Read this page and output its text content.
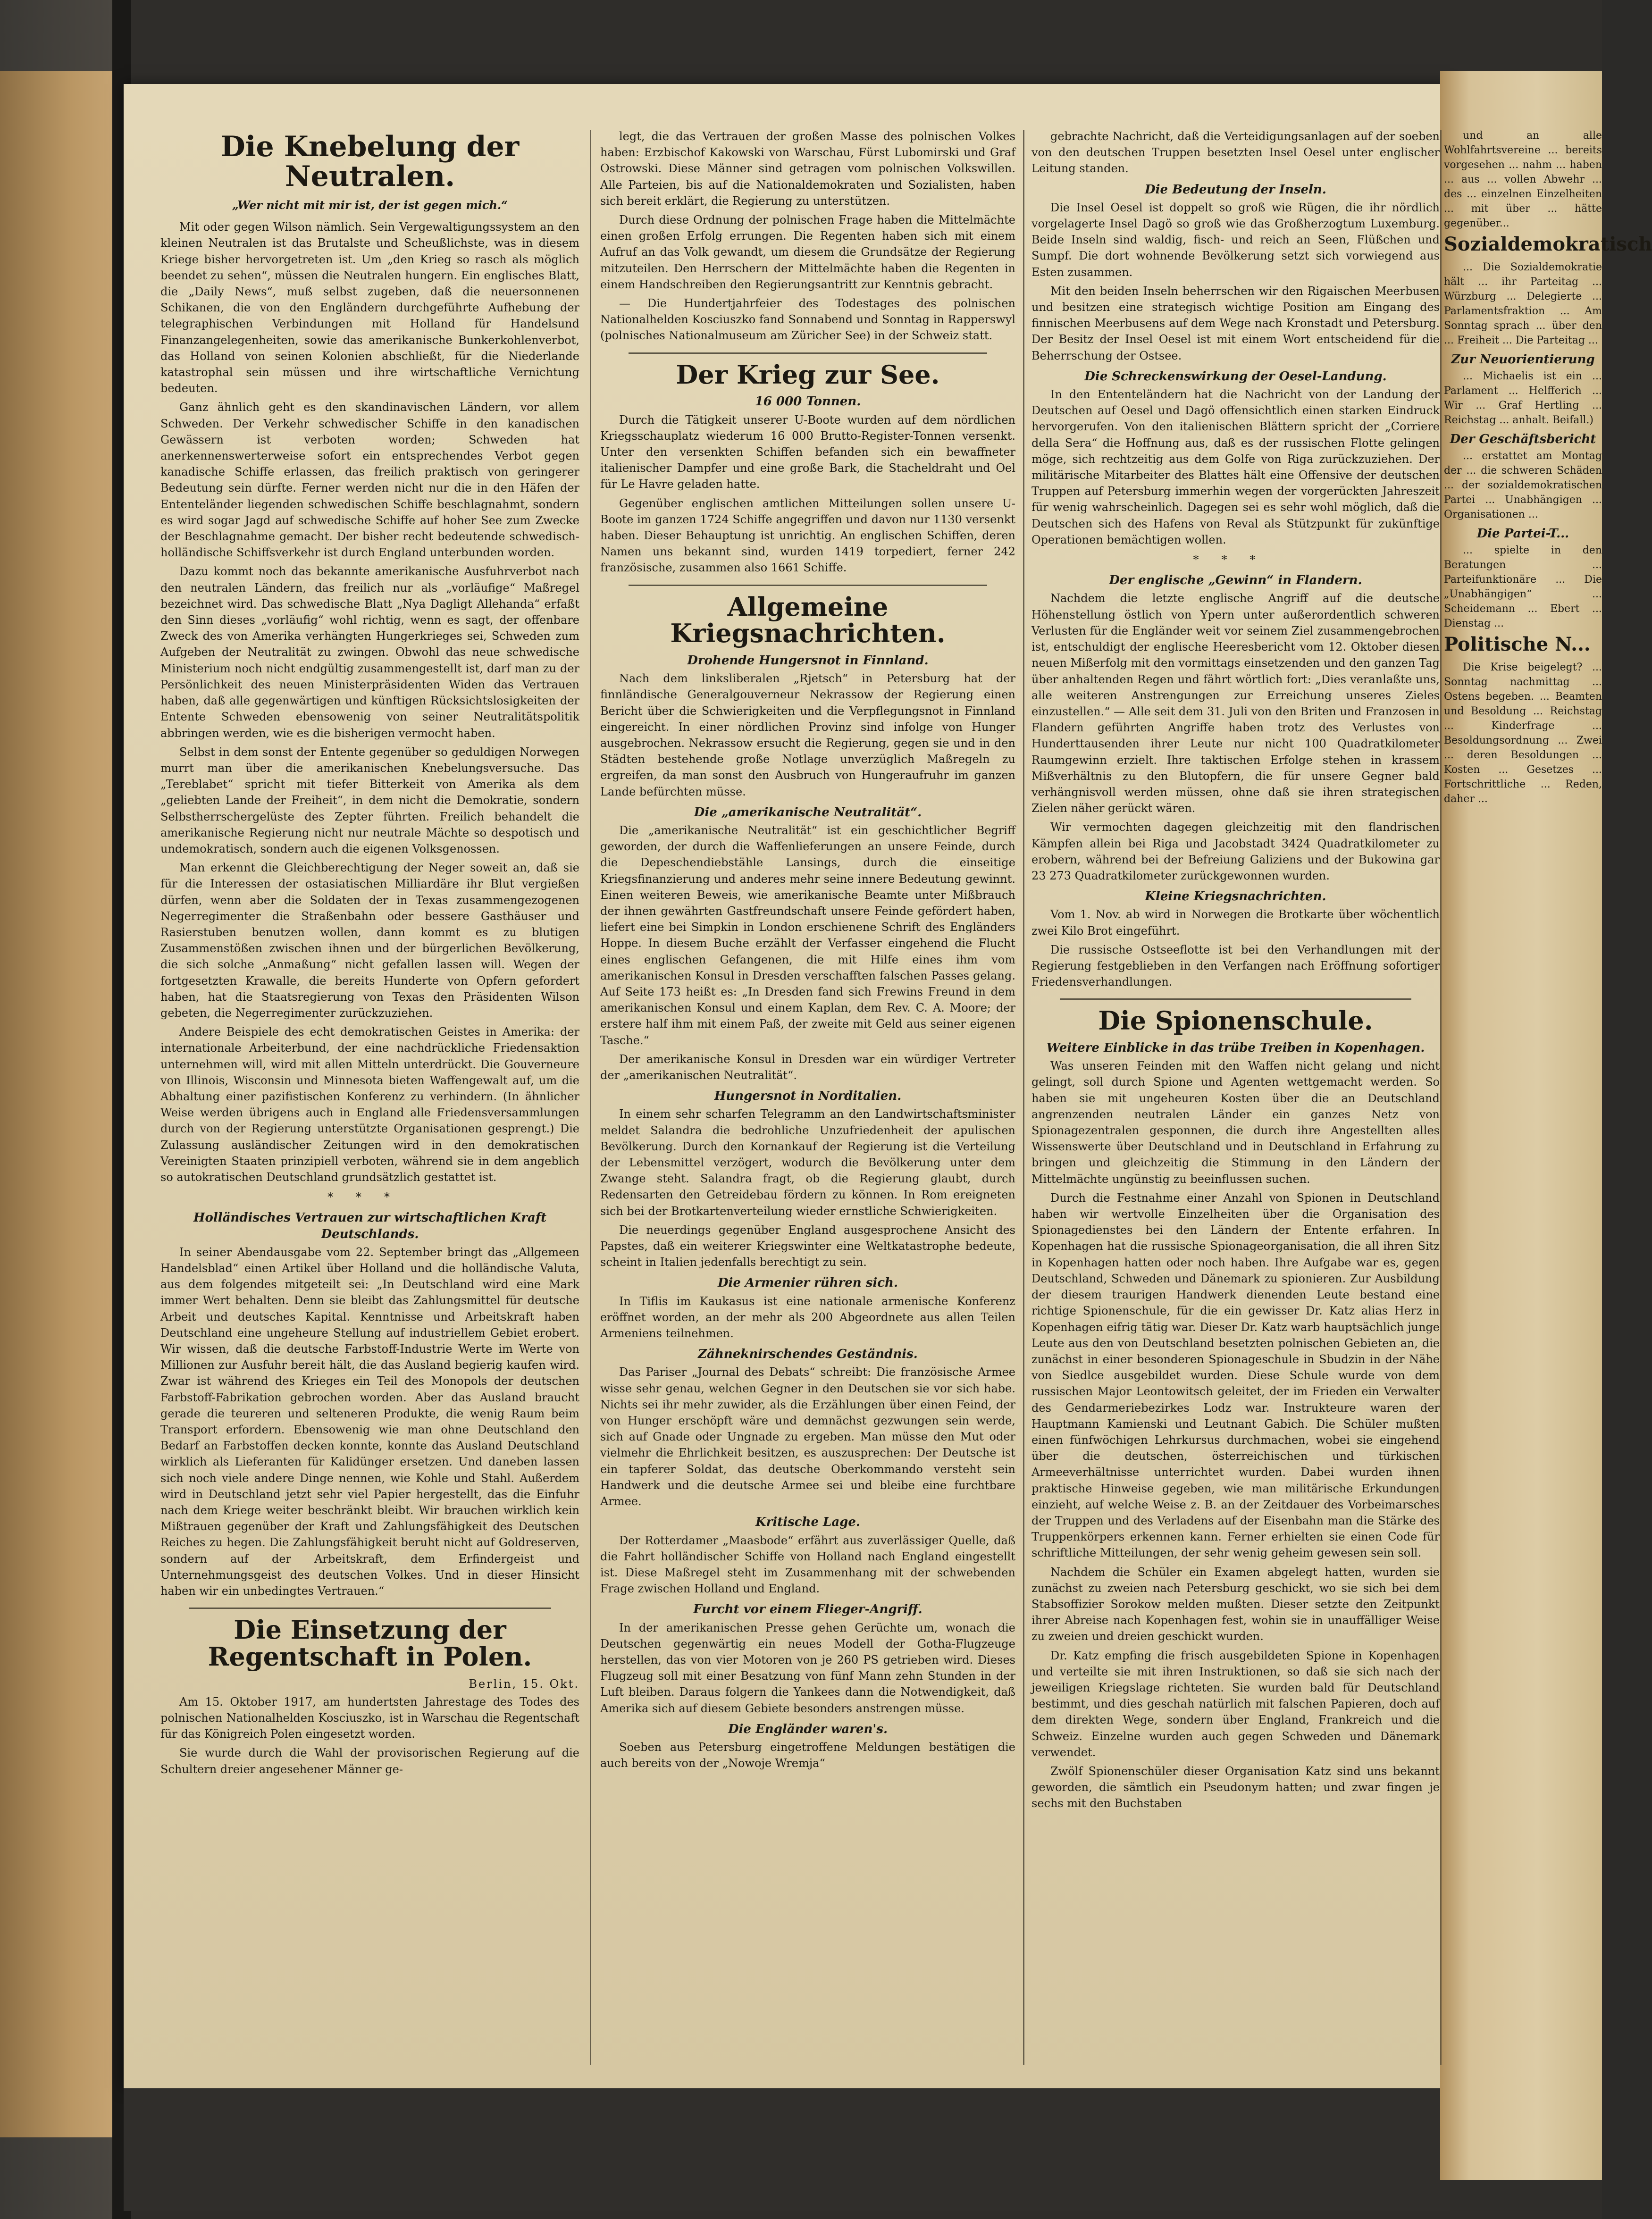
Die Knebelung der Neutralen.
„Wer nicht mit mir ist, der ist gegen mich.“

Mit oder gegen Wilson nämlich. Sein Vergewaltigungssystem an den kleinen Neutralen ist das Brutalste und Scheußlichste, was in diesem Kriege bisher hervorgetreten ist. Um „den Krieg so rasch als möglich beendet zu sehen“, müssen die Neutralen hungern. Ein englisches Blatt, die „Daily News“, muß selbst zugeben, daß die neuersonnenen Schikanen, die von den Engländern durchgeführte Aufhebung der telegraphischen Verbindungen mit Holland für Handelsund Finanzangelegenheiten, sowie das amerikanische Bunkerkohlenverbot, das Holland von seinen Kolonien abschließt, für die Niederlande katastrophal sein müssen und ihre wirtschaftliche Vernichtung bedeuten.

Ganz ähnlich geht es den skandinavischen Ländern, vor allem Schweden. Der Verkehr schwedischer Schiffe in den kanadischen Gewässern ist verboten worden; Schweden hat anerkennenswerterweise sofort ein entsprechendes Verbot gegen kanadische Schiffe erlassen, das freilich praktisch von geringerer Bedeutung sein dürfte. Ferner werden nicht nur die in den Häfen der Ententeländer liegenden schwedischen Schiffe beschlagnahmt, sondern es wird sogar Jagd auf schwedische Schiffe auf hoher See zum Zwecke der Beschlagnahme gemacht. Der bisher recht bedeutende schwedisch-holländische Schiffsverkehr ist durch England unterbunden worden.

Dazu kommt noch das bekannte amerikanische Ausfuhrverbot nach den neutralen Ländern, das freilich nur als „vorläufige“ Maßregel bezeichnet wird. Das schwedische Blatt „Nya Dagligt Allehanda“ erfaßt den Sinn dieses „vorläufig“ wohl richtig, wenn es sagt, der offenbare Zweck des von Amerika verhängten Hungerkrieges sei, Schweden zum Aufgeben der Neutralität zu zwingen. Obwohl das neue schwedische Ministerium noch nicht endgültig zusammengestellt ist, darf man zu der Persönlichkeit des neuen Ministerpräsidenten Widen das Vertrauen haben, daß alle gegenwärtigen und künftigen Rücksichtslosigkeiten der Entente Schweden ebensowenig von seiner Neutralitätspolitik abbringen werden, wie es die bisherigen vermocht haben.

Selbst in dem sonst der Entente gegenüber so geduldigen Norwegen murrt man über die amerikanischen Knebelungsversuche. Das „Tereblabet“ spricht mit tiefer Bitterkeit von Amerika als dem „geliebten Lande der Freiheit“, in dem nicht die Demokratie, sondern Selbstherrschergelüste des Zepter führten. Freilich behandelt die amerikanische Regierung nicht nur neutrale Mächte so despotisch und undemokratisch, sondern auch die eigenen Volksgenossen.

Man erkennt die Gleichberechtigung der Neger soweit an, daß sie für die Interessen der ostasiatischen Milliardäre ihr Blut vergießen dürfen, wenn aber die Soldaten der in Texas zusammengezogenen Negerregimenter die Straßenbahn oder bessere Gasthäuser und Rasierstuben benutzen wollen, dann kommt es zu blutigen Zusammenstößen zwischen ihnen und der bürgerlichen Bevölkerung, die sich solche „Anmaßung“ nicht gefallen lassen will. Wegen der fortgesetzten Krawalle, die bereits Hunderte von Opfern gefordert haben, hat die Staatsregierung von Texas den Präsidenten Wilson gebeten, die Negerregimenter zurückzuziehen.

Andere Beispiele des echt demokratischen Geistes in Amerika: der internationale Arbeiterbund, der eine nachdrückliche Friedensaktion unternehmen will, wird mit allen Mitteln unterdrückt. Die Gouverneure von Illinois, Wisconsin und Minnesota bieten Waffengewalt auf, um die Abhaltung einer pazifistischen Konferenz zu verhindern. (In ähnlicher Weise werden übrigens auch in England alle Friedensversammlungen durch von der Regierung unterstützte Organisationen gesprengt.) Die Zulassung ausländischer Zeitungen wird in den demokratischen Vereinigten Staaten prinzipiell verboten, während sie in dem angeblich so autokratischen Deutschland grundsätzlich gestattet ist.

***
Holländisches Vertrauen zur wirtschaftlichen Kraft Deutschlands.

In seiner Abendausgabe vom 22. September bringt das „Allgemeen Handelsblad“ einen Artikel über Holland und die holländische Valuta, aus dem folgendes mitgeteilt sei: „In Deutschland wird eine Mark immer Wert behalten. Denn sie bleibt das Zahlungsmittel für deutsche Arbeit und deutsches Kapital. Kenntnisse und Arbeitskraft haben Deutschland eine ungeheure Stellung auf industriellem Gebiet erobert. Wir wissen, daß die deutsche Farbstoff-Industrie Werte im Werte von Millionen zur Ausfuhr bereit hält, die das Ausland begierig kaufen wird. Zwar ist während des Krieges ein Teil des Monopols der deutschen Farbstoff-Fabrikation gebrochen worden. Aber das Ausland braucht gerade die teureren und selteneren Produkte, die wenig Raum beim Transport erfordern. Ebensowenig wie man ohne Deutschland den Bedarf an Farbstoffen decken konnte, konnte das Ausland Deutschland wirklich als Lieferanten für Kalidünger ersetzen. Und daneben lassen sich noch viele andere Dinge nennen, wie Kohle und Stahl. Außerdem wird in Deutschland jetzt sehr viel Papier hergestellt, das die Einfuhr nach dem Kriege weiter beschränkt bleibt. Wir brauchen wirklich kein Mißtrauen gegenüber der Kraft und Zahlungsfähigkeit des Deutschen Reiches zu hegen. Die Zahlungsfähigkeit beruht nicht auf Goldreserven, sondern auf der Arbeitskraft, dem Erfindergeist und Unternehmungsgeist des deutschen Volkes. Und in dieser Hinsicht haben wir ein unbedingtes Vertrauen.“

Die Einsetzung der Regentschaft in Polen.
Berlin, 15. Okt.

Am 15. Oktober 1917, am hundertsten Jahrestage des Todes des polnischen Nationalhelden Kosciuszko, ist in Warschau die Regentschaft für das Königreich Polen eingesetzt worden.

Sie wurde durch die Wahl der provisorischen Regierung auf die Schultern dreier angesehener Männer ge-

legt, die das Vertrauen der großen Masse des polnischen Volkes haben: Erzbischof Kakowski von Warschau, Fürst Lubomirski und Graf Ostrowski. Diese Männer sind getragen vom polnischen Volkswillen. Alle Parteien, bis auf die Nationaldemokraten und Sozialisten, haben sich bereit erklärt, die Regierung zu unterstützen.

Durch diese Ordnung der polnischen Frage haben die Mittelmächte einen großen Erfolg errungen. Die Regenten haben sich mit einem Aufruf an das Volk gewandt, um diesem die Grundsätze der Regierung mitzuteilen. Den Herrschern der Mittelmächte haben die Regenten in einem Handschreiben den Regierungsantritt zur Kenntnis gebracht.

— Die Hundertjahrfeier des Todestages des polnischen Nationalhelden Kosciuszko fand Sonnabend und Sonntag in Rapperswyl (polnisches Nationalmuseum am Züricher See) in der Schweiz statt.

Der Krieg zur See.
16 000 Tonnen.

Durch die Tätigkeit unserer U-Boote wurden auf dem nördlichen Kriegsschauplatz wiederum 16 000 Brutto-Register-Tonnen versenkt. Unter den versenkten Schiffen befanden sich ein bewaffneter italienischer Dampfer und eine große Bark, die Stacheldraht und Oel für Le Havre geladen hatte.

Gegenüber englischen amtlichen Mitteilungen sollen unsere U-Boote im ganzen 1724 Schiffe angegriffen und davon nur 1130 versenkt haben. Dieser Behauptung ist unrichtig. An englischen Schiffen, deren Namen uns bekannt sind, wurden 1419 torpediert, ferner 242 französische, zusammen also 1661 Schiffe.

Allgemeine Kriegsnachrichten.
Drohende Hungersnot in Finnland.

Nach dem linksliberalen „Rjetsch“ in Petersburg hat der finnländische Generalgouverneur Nekrassow der Regierung einen Bericht über die Schwierigkeiten und die Verpflegungsnot in Finnland eingereicht. In einer nördlichen Provinz sind infolge von Hunger ausgebrochen. Nekrassow ersucht die Regierung, gegen sie und in den Städten bestehende große Notlage unverzüglich Maßregeln zu ergreifen, da man sonst den Ausbruch von Hungeraufruhr im ganzen Lande befürchten müsse.

Die „amerikanische Neutralität“.

Die „amerikanische Neutralität“ ist ein geschichtlicher Begriff geworden, der durch die Waffenlieferungen an unsere Feinde, durch die Depeschendiebstähle Lansings, durch die einseitige Kriegsfinanzierung und anderes mehr seine innere Bedeutung gewinnt. Einen weiteren Beweis, wie amerikanische Beamte unter Mißbrauch der ihnen gewährten Gastfreundschaft unsere Feinde gefördert haben, liefert eine bei Simpkin in London erschienene Schrift des Engländers Hoppe. In diesem Buche erzählt der Verfasser eingehend die Flucht eines englischen Gefangenen, die mit Hilfe eines ihm vom amerikanischen Konsul in Dresden verschafften falschen Passes gelang. Auf Seite 173 heißt es: „In Dresden fand sich Frewins Freund in dem amerikanischen Konsul und einem Kaplan, dem Rev. C. A. Moore; der erstere half ihm mit einem Paß, der zweite mit Geld aus seiner eigenen Tasche.“

Der amerikanische Konsul in Dresden war ein würdiger Vertreter der „amerikanischen Neutralität“.

Hungersnot in Norditalien.

In einem sehr scharfen Telegramm an den Landwirtschaftsminister meldet Salandra die bedrohliche Unzufriedenheit der apulischen Bevölkerung. Durch den Kornankauf der Regierung ist die Verteilung der Lebensmittel verzögert, wodurch die Bevölkerung unter dem Zwange steht. Salandra fragt, ob die Regierung glaubt, durch Redensarten den Getreidebau fördern zu können. In Rom ereigneten sich bei der Brotkartenverteilung wieder ernstliche Schwierigkeiten.

Die neuerdings gegenüber England ausgesprochene Ansicht des Papstes, daß ein weiterer Kriegswinter eine Weltkatastrophe bedeute, scheint in Italien jedenfalls berechtigt zu sein.

Die Armenier rühren sich.

In Tiflis im Kaukasus ist eine nationale armenische Konferenz eröffnet worden, an der mehr als 200 Abgeordnete aus allen Teilen Armeniens teilnehmen.

Zähneknirschendes Geständnis.

Das Pariser „Journal des Debats“ schreibt: Die französische Armee wisse sehr genau, welchen Gegner in den Deutschen sie vor sich habe. Nichts sei ihr mehr zuwider, als die Erzählungen über einen Feind, der von Hunger erschöpft wäre und demnächst gezwungen sein werde, sich auf Gnade oder Ungnade zu ergeben. Man müsse den Mut oder vielmehr die Ehrlichkeit besitzen, es auszusprechen: Der Deutsche ist ein tapferer Soldat, das deutsche Oberkommando versteht sein Handwerk und die deutsche Armee sei und bleibe eine furchtbare Armee.

Kritische Lage.

Der Rotterdamer „Maasbode“ erfährt aus zuverlässiger Quelle, daß die Fahrt holländischer Schiffe von Holland nach England eingestellt ist. Diese Maßregel steht im Zusammenhang mit der schwebenden Frage zwischen Holland und England.

Furcht vor einem Flieger-Angriff.

In der amerikanischen Presse gehen Gerüchte um, wonach die Deutschen gegenwärtig ein neues Modell der Gotha-Flugzeuge herstellen, das von vier Motoren von je 260 PS getrieben wird. Dieses Flugzeug soll mit einer Besatzung von fünf Mann zehn Stunden in der Luft bleiben. Daraus folgern die Yankees dann die Notwendigkeit, daß Amerika sich auf diesem Gebiete besonders anstrengen müsse.

Die Engländer waren's.

Soeben aus Petersburg eingetroffene Meldungen bestätigen die auch bereits von der „Nowoje Wremja“

gebrachte Nachricht, daß die Verteidigungsanlagen auf der soeben von den deutschen Truppen besetzten Insel Oesel unter englischer Leitung standen.

Die Bedeutung der Inseln.

Die Insel Oesel ist doppelt so groß wie Rügen, die ihr nördlich vorgelagerte Insel Dagö so groß wie das Großherzogtum Luxemburg. Beide Inseln sind waldig, fisch- und reich an Seen, Flüßchen und Sumpf. Die dort wohnende Bevölkerung setzt sich vorwiegend aus Esten zusammen.

Mit den beiden Inseln beherrschen wir den Rigaischen Meerbusen und besitzen eine strategisch wichtige Position am Eingang des finnischen Meerbusens auf dem Wege nach Kronstadt und Petersburg. Der Besitz der Insel Oesel ist mit einem Wort entscheidend für die Beherrschung der Ostsee.

Die Schreckenswirkung der Oesel-Landung.

In den Ententeländern hat die Nachricht von der Landung der Deutschen auf Oesel und Dagö offensichtlich einen starken Eindruck hervorgerufen. Von den italienischen Blättern spricht der „Corriere della Sera“ die Hoffnung aus, daß es der russischen Flotte gelingen möge, sich rechtzeitig aus dem Golfe von Riga zurückzuziehen. Der militärische Mitarbeiter des Blattes hält eine Offensive der deutschen Truppen auf Petersburg immerhin wegen der vorgerückten Jahreszeit für wenig wahrscheinlich. Dagegen sei es sehr wohl möglich, daß die Deutschen sich des Hafens von Reval als Stützpunkt für zukünftige Operationen bemächtigen wollen.

***
Der englische „Gewinn“ in Flandern.

Nachdem die letzte englische Angriff auf die deutsche Höhenstellung östlich von Ypern unter außerordentlich schweren Verlusten für die Engländer weit vor seinem Ziel zusammengebrochen ist, entschuldigt der englische Heeresbericht vom 12. Oktober diesen neuen Mißerfolg mit den vormittags einsetzenden und den ganzen Tag über anhaltenden Regen und fährt wörtlich fort: „Dies veranlaßte uns, alle weiteren Anstrengungen zur Erreichung unseres Zieles einzustellen.“ — Alle seit dem 31. Juli von den Briten und Franzosen in Flandern geführten Angriffe haben trotz des Verlustes von Hunderttausenden ihrer Leute nur nicht 100 Quadratkilometer Raumgewinn erzielt. Ihre taktischen Erfolge stehen in krassem Mißverhältnis zu den Blutopfern, die für unsere Gegner bald verhängnisvoll werden müssen, ohne daß sie ihren strategischen Zielen näher gerückt wären.

Wir vermochten dagegen gleichzeitig mit den flandrischen Kämpfen allein bei Riga und Jacobstadt 3424 Quadratkilometer zu erobern, während bei der Befreiung Galiziens und der Bukowina gar 23 273 Quadratkilometer zurückgewonnen wurden.

Kleine Kriegsnachrichten.

Vom 1. Nov. ab wird in Norwegen die Brotkarte über wöchentlich zwei Kilo Brot eingeführt.

Die russische Ostseeflotte ist bei den Verhandlungen mit der Regierung festgeblieben in den Verfangen nach Eröffnung sofortiger Friedensverhandlungen.

Die Spionenschule.
Weitere Einblicke in das trübe Treiben in Kopenhagen.

Was unseren Feinden mit den Waffen nicht gelang und nicht gelingt, soll durch Spione und Agenten wettgemacht werden. So haben sie mit ungeheuren Kosten über die an Deutschland angrenzenden neutralen Länder ein ganzes Netz von Spionagezentralen gesponnen, die durch ihre Angestellten alles Wissenswerte über Deutschland und in Deutschland in Erfahrung zu bringen und gleichzeitig die Stimmung in den Ländern der Mittelmächte ungünstig zu beeinflussen suchen.

Durch die Festnahme einer Anzahl von Spionen in Deutschland haben wir wertvolle Einzelheiten über die Organisation des Spionagedienstes bei den Ländern der Entente erfahren. In Kopenhagen hat die russische Spionageorganisation, die all ihren Sitz in Kopenhagen hatten oder noch haben. Ihre Aufgabe war es, gegen Deutschland, Schweden und Dänemark zu spionieren. Zur Ausbildung der diesem traurigen Handwerk dienenden Leute bestand eine richtige Spionenschule, für die ein gewisser Dr. Katz alias Herz in Kopenhagen eifrig tätig war. Dieser Dr. Katz warb hauptsächlich junge Leute aus den von Deutschland besetzten polnischen Gebieten an, die zunächst in einer besonderen Spionageschule in Sbudzin in der Nähe von Siedlce ausgebildet wurden. Diese Schule wurde von dem russischen Major Leontowitsch geleitet, der im Frieden ein Verwalter des Gendarmeriebezirkes Lodz war. Instrukteure waren der Hauptmann Kamienski und Leutnant Gabich. Die Schüler mußten einen fünfwöchigen Lehrkursus durchmachen, wobei sie eingehend über die deutschen, österreichischen und türkischen Armeeverhältnisse unterrichtet wurden. Dabei wurden ihnen praktische Hinweise gegeben, wie man militärische Erkundungen einzieht, auf welche Weise z. B. an der Zeitdauer des Vorbeimarsches der Truppen und des Verladens auf der Eisenbahn man die Stärke des Truppenkörpers erkennen kann. Ferner erhielten sie einen Code für schriftliche Mitteilungen, der sehr wenig geheim gewesen sein soll.

Nachdem die Schüler ein Examen abgelegt hatten, wurden sie zunächst zu zweien nach Petersburg geschickt, wo sie sich bei dem Stabsoffizier Sorokow melden mußten. Dieser setzte den Zeitpunkt ihrer Abreise nach Kopenhagen fest, wohin sie in unauffälliger Weise zu zweien und dreien geschickt wurden.

Dr. Katz empfing die frisch ausgebildeten Spione in Kopenhagen und verteilte sie mit ihren Instruktionen, so daß sie sich nach der jeweiligen Kriegslage richteten. Sie wurden bald für Deutschland bestimmt, und dies geschah natürlich mit falschen Papieren, doch auf dem direkten Wege, sondern über England, Frankreich und die Schweiz. Einzelne wurden auch gegen Schweden und Dänemark verwendet.

Zwölf Spionenschüler dieser Organisation Katz sind uns bekannt geworden, die sämtlich ein Pseudonym hatten; und zwar fingen je sechs mit den Buchstaben

und an alle Wohlfahrtsvereine ... bereits vorgesehen ... nahm ... haben ... aus ... vollen Abwehr ... des ... einzelnen Einzelheiten ... mit über ... hätte gegenüber...

Sozialdemokratisch

... Die Sozialdemokratie hält ... ihr Parteitag ... Würzburg ... Delegierte ... Parlamentsfraktion ... Am Sonntag sprach ... über den ... Freiheit ... Die Parteitag ...

Zur Neuorientierung

... Michaelis ist ein ... Parlament ... Helfferich ... Wir ... Graf Hertling ... Reichstag ... anhalt. Beifall.)

Der Geschäftsbericht

... erstattet am Montag der ... die schweren Schäden ... der sozialdemokratischen Partei ... Unabhängigen ... Organisationen ...

Die Partei-T...

... spielte in den Beratungen ... Parteifunktionäre ... Die „Unabhängigen“ ... Scheidemann ... Ebert ... Dienstag ...

Politische N...

Die Krise beigelegt? ... Sonntag nachmittag ... Ostens begeben. ... Beamten und Besoldung ... Reichstag ... Kinderfrage ... Besoldungsordnung ... Zwei ... deren Besoldungen ... Kosten ... Gesetzes ... Fortschrittliche ... Reden, daher ...
